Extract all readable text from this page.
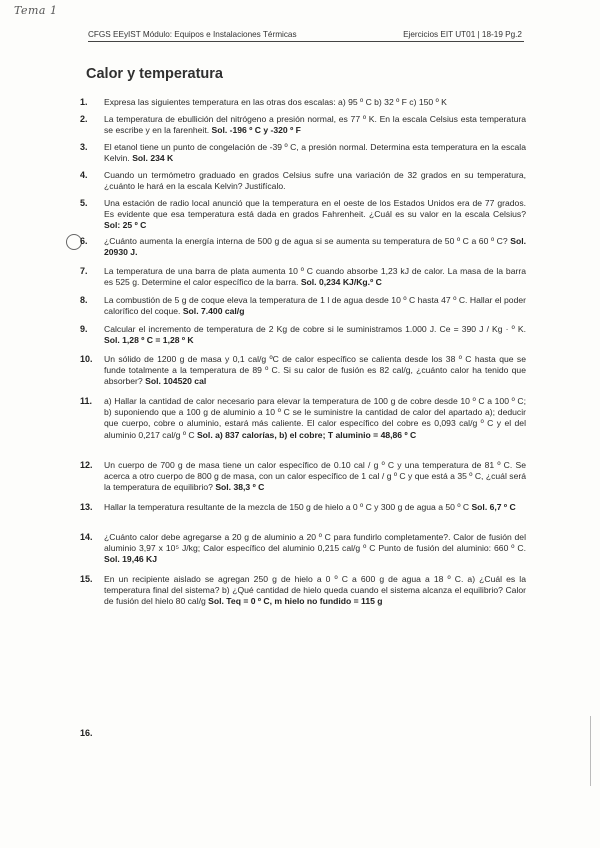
Tema 1
CFGS EEyIST Módulo: Equipos e Instalaciones Térmicas	Ejercicios EIT UT01 | 18-19 Pg.2
Calor y temperatura
1.	Expresa las siguientes temperatura en las otras dos escalas: a) 95 º C b) 32 º F c) 150 º K
2.	La temperatura de ebullición del nitrógeno a presión normal, es 77 º K. En la escala Celsius esta temperatura se escribe y en la farenheit. Sol. -196 º C y -320 º F
3.	El etanol tiene un punto de congelación de -39 º C, a presión normal. Determina esta temperatura en la escala Kelvin. Sol. 234 K
4.	Cuando un termómetro graduado en grados Celsius sufre una variación de 32 grados en su temperatura, ¿cuánto le hará en la escala Kelvin? Justifícalo.
5.	Una estación de radio local anunció que la temperatura en el oeste de los Estados Unidos era de 77 grados. Es evidente que esa temperatura está dada en grados Fahrenheit. ¿Cuál es su valor en la escala Celsius? Sol: 25 º C
6.	¿Cuánto aumenta la energía interna de 500 g de agua si se aumenta su temperatura de 50 º C a 60 º C? Sol. 20930 J.
7.	La temperatura de una barra de plata aumenta 10 º C cuando absorbe 1,23 kJ de calor. La masa de la barra es 525 g. Determine el calor específico de la barra. Sol. 0,234 KJ/Kg.º C
8.	La combustión de 5 g de coque eleva la temperatura de 1 l de agua desde 10 º C hasta 47 º C. Hallar el poder calorífico del coque. Sol. 7.400 cal/g
9.	Calcular el incremento de temperatura de 2 Kg de cobre si le suministramos 1.000 J. Ce = 390 J / Kg · º K. Sol. 1,28 º C = 1,28 º K
10.	Un sólido de 1200 g de masa y 0,1 cal/g ºC de calor específico se calienta desde los 38 º C hasta que se funde totalmente a la temperatura de 89 º C. Si su calor de fusión es 82 cal/g, ¿cuánto calor ha tenido que absorber? Sol. 104520 cal
11.	a) Hallar la cantidad de calor necesario para elevar la temperatura de 100 g de cobre desde 10 º C a 100 º C; b) suponiendo que a 100 g de aluminio a 10 º C se le suministre la cantidad de calor del apartado a); deducir que cuerpo, cobre o aluminio, estará más caliente. El calor específico del cobre es 0,093 cal/g º C y el del aluminio 0,217 cal/g º C Sol. a) 837 calorías, b) el cobre; T aluminio = 48,86 º C
12.	Un cuerpo de 700 g de masa tiene un calor específico de 0.10 cal / g º C y una temperatura de 81 º C. Se acerca a otro cuerpo de 800 g de masa, con un calor específico de 1 cal / g º C y que está a 35 º C, ¿cuál será la temperatura de equilibrio? Sol. 38,3 º C
13.	Hallar la temperatura resultante de la mezcla de 150 g de hielo a 0 º C y 300 g de agua a 50 º C Sol. 6,7 º C
14.	¿Cuánto calor debe agregarse a 20 g de aluminio a 20 º C para fundirlo completamente?. Calor de fusión del aluminio 3,97 x 10⁵ J/kg; Calor específico del aluminio 0,215 cal/g º C Punto de fusión del aluminio: 660 º C. Sol. 19,46 KJ
15.	En un recipiente aislado se agregan 250 g de hielo a 0 º C a 600 g de agua a 18 º C. a) ¿Cuál es la temperatura final del sistema? b) ¿Qué cantidad de hielo queda cuando el sistema alcanza el equilibrio? Calor de fusión del hielo 80 cal/g Sol. Teq = 0 º C, m hielo no fundido = 115 g
16.
